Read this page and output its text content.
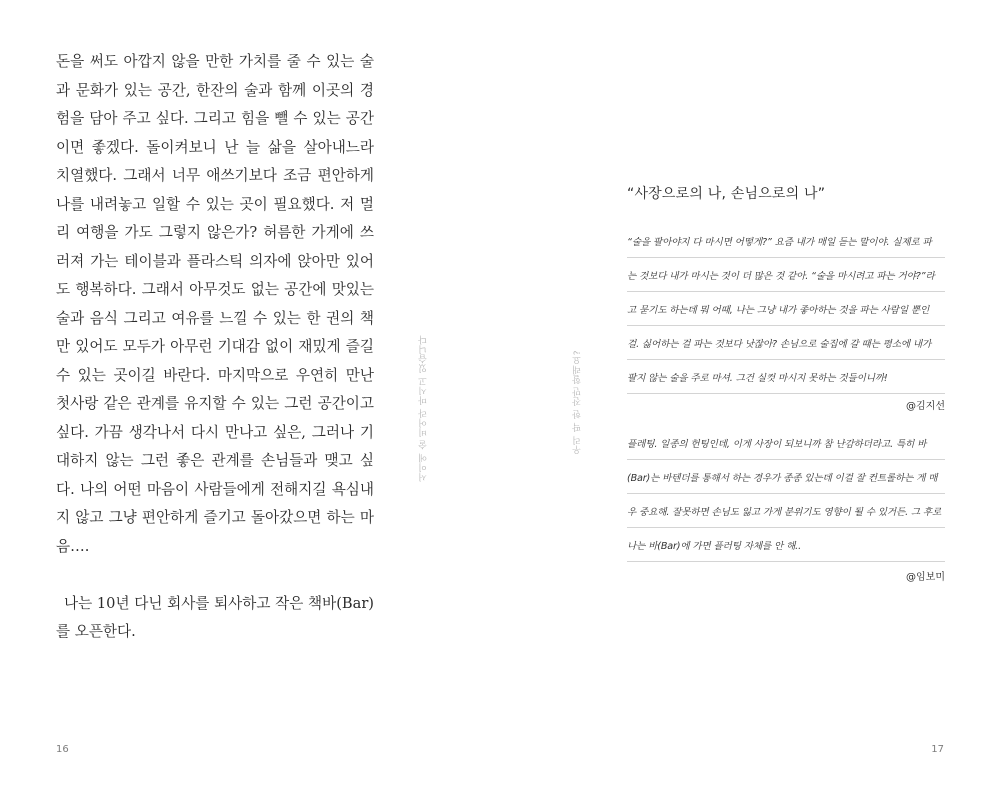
돈을 써도 아깝지 않을 만한 가치를 줄 수 있는 술과 문화가 있는 공간, 한잔의 술과 함께 이곳의 경험을 담아 주고 싶다. 그리고 힘을 뺄 수 있는 공간이면 좋겠다. 돌이켜보니 난 늘 삶을 살아내느라 치열했다. 그래서 너무 애쓰기보다 조금 편안하게 나를 내려놓고 일할 수 있는 곳이 필요했다. 저 멀리 여행을 가도 그렇지 않은가? 허름한 가게에 쓰러져 가는 테이블과 플라스틱 의자에 앉아만 있어도 행복하다. 그래서 아무것도 없는 공간에 맛있는 술과 음식 그리고 여유를 느낄 수 있는 한 권의 책만 있어도 모두가 아무런 기대감 없이 재밌게 즐길 수 있는 곳이길 바란다. 마지막으로 우연히 만난 첫사랑 같은 관계를 유지할 수 있는 그런 공간이고 싶다. 가끔 생각나서 다시 만나고 싶은, 그러나 기대하지 않는 그런 좋은 관계를 손님들과 맺고 싶다. 나의 어떤 마음이 사람들에게 전해지길 욕심내지 않고 그냥 편안하게 즐기고 돌아갔으면 하는 마음….

나는 10년 다닌 회사를 퇴사하고 작은 책바(Bar)를 오픈한다.

서이에 술 비어라 마시고 있습니다
16
우리 딱 한 잔만 할래요?
“사장으로의 나, 손님으로의 나”
“술을 팔아야지 다 마시면 어떻게?” 요즘 내가 매일 듣는 말이야. 실제로 파
는 것보다 내가 마시는 것이 더 많은 것 같아. “술을 마시려고 파는 거야?”라
고 묻기도 하는데 뭐 어때, 나는 그냥 내가 좋아하는 것을 파는 사람일 뿐인
걸. 싫어하는 걸 파는 것보다 낫잖아? 손님으로 술집에 갈 때는 평소에 내가
팔지 않는 술을 주로 마셔. 그건 실컷 마시지 못하는 것들이니까!
@김지선
플레팅. 일종의 헌팅인데, 이게 사장이 되보니까 참 난감하더라고. 특히 바
(Bar)는 바텐더를 통해서 하는 경우가 종종 있는데 이걸 잘 컨트롤하는 게 매
우 중요해. 잘못하면 손님도 잃고 가게 분위기도 영향이 될 수 있거든. 그 후로
나는 바(Bar)에 가면 플러팅 자체를 안 해..
@임보미
17
